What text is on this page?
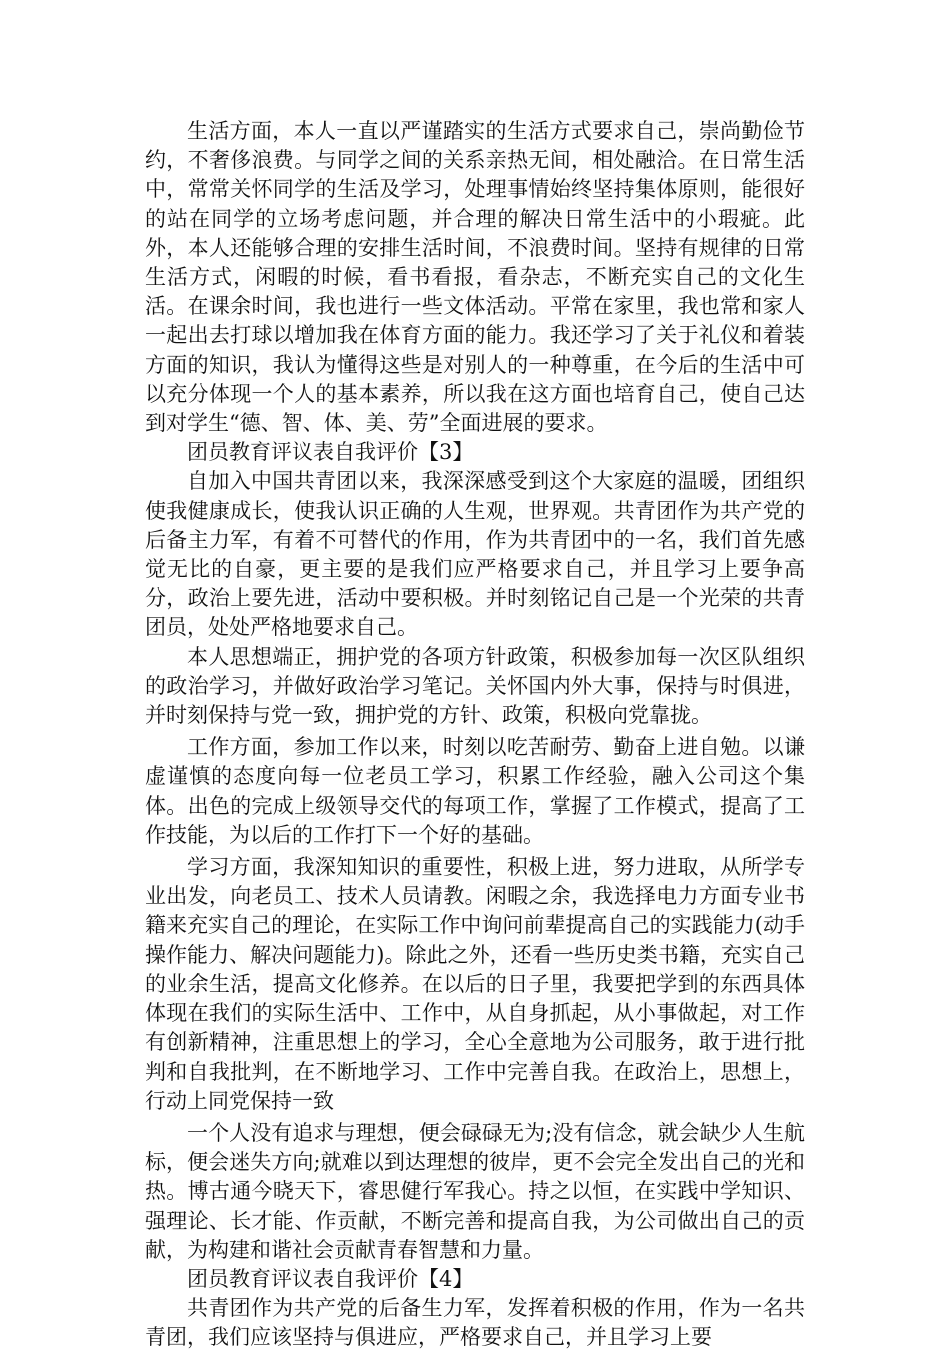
生活方面，本人一直以严谨踏实的生活方式要求自己，崇尚勤俭节约，不奢侈浪费。与同学之间的关系亲热无间，相处融洽。在日常生活中，常常关怀同学的生活及学习，处理事情始终坚持集体原则，能很好的站在同学的立场考虑问题，并合理的解决日常生活中的小瑕疵。此外，本人还能够合理的安排生活时间，不浪费时间。坚持有规律的日常生活方式，闲暇的时候，看书看报，看杂志，不断充实自己的文化生活。在课余时间，我也进行一些文体活动。平常在家里，我也常和家人一起出去打球以增加我在体育方面的能力。我还学习了关于礼仪和着装方面的知识，我认为懂得这些是对别人的一种尊重，在今后的生活中可以充分体现一个人的基本素养，所以我在这方面也培育自己，使自己达到对学生“德、智、体、美、劳”全面进展的要求。

团员教育评议表自我评价【3】

自加入中国共青团以来，我深深感受到这个大家庭的温暖，团组织使我健康成长，使我认识正确的人生观，世界观。共青团作为共产党的后备主力军，有着不可替代的作用，作为共青团中的一名，我们首先感觉无比的自豪，更主要的是我们应严格要求自己，并且学习上要争高分，政治上要先进，活动中要积极。并时刻铭记自己是一个光荣的共青团员，处处严格地要求自己。

本人思想端正，拥护党的各项方针政策，积极参加每一次区队组织的政治学习，并做好政治学习笔记。关怀国内外大事，保持与时俱进，并时刻保持与党一致，拥护党的方针、政策，积极向党靠拢。

工作方面，参加工作以来，时刻以吃苦耐劳、勤奋上进自勉。以谦虚谨慎的态度向每一位老员工学习，积累工作经验，融入公司这个集体。出色的完成上级领导交代的每项工作，掌握了工作模式，提高了工作技能，为以后的工作打下一个好的基础。

学习方面，我深知知识的重要性，积极上进，努力进取，从所学专业出发，向老员工、技术人员请教。闲暇之余，我选择电力方面专业书籍来充实自己的理论，在实际工作中询问前辈提高自己的实践能力(动手操作能力、解决问题能力)。除此之外，还看一些历史类书籍，充实自己的业余生活，提高文化修养。在以后的日子里，我要把学到的东西具体体现在我们的实际生活中、工作中，从自身抓起，从小事做起，对工作有创新精神，注重思想上的学习，全心全意地为公司服务，敢于进行批判和自我批判，在不断地学习、工作中完善自我。在政治上，思想上，行动上同党保持一致

一个人没有追求与理想，便会碌碌无为;没有信念，就会缺少人生航标，便会迷失方向;就难以到达理想的彼岸，更不会完全发出自己的光和热。博古通今晓天下，睿思健行军我心。持之以恒，在实践中学知识、强理论、长才能、作贡献，不断完善和提高自我，为公司做出自己的贡献，为构建和谐社会贡献青春智慧和力量。

团员教育评议表自我评价【4】

共青团作为共产党的后备生力军，发挥着积极的作用，作为一名共青团，我们应该坚持与俱进应，严格要求自己，并且学习上要
